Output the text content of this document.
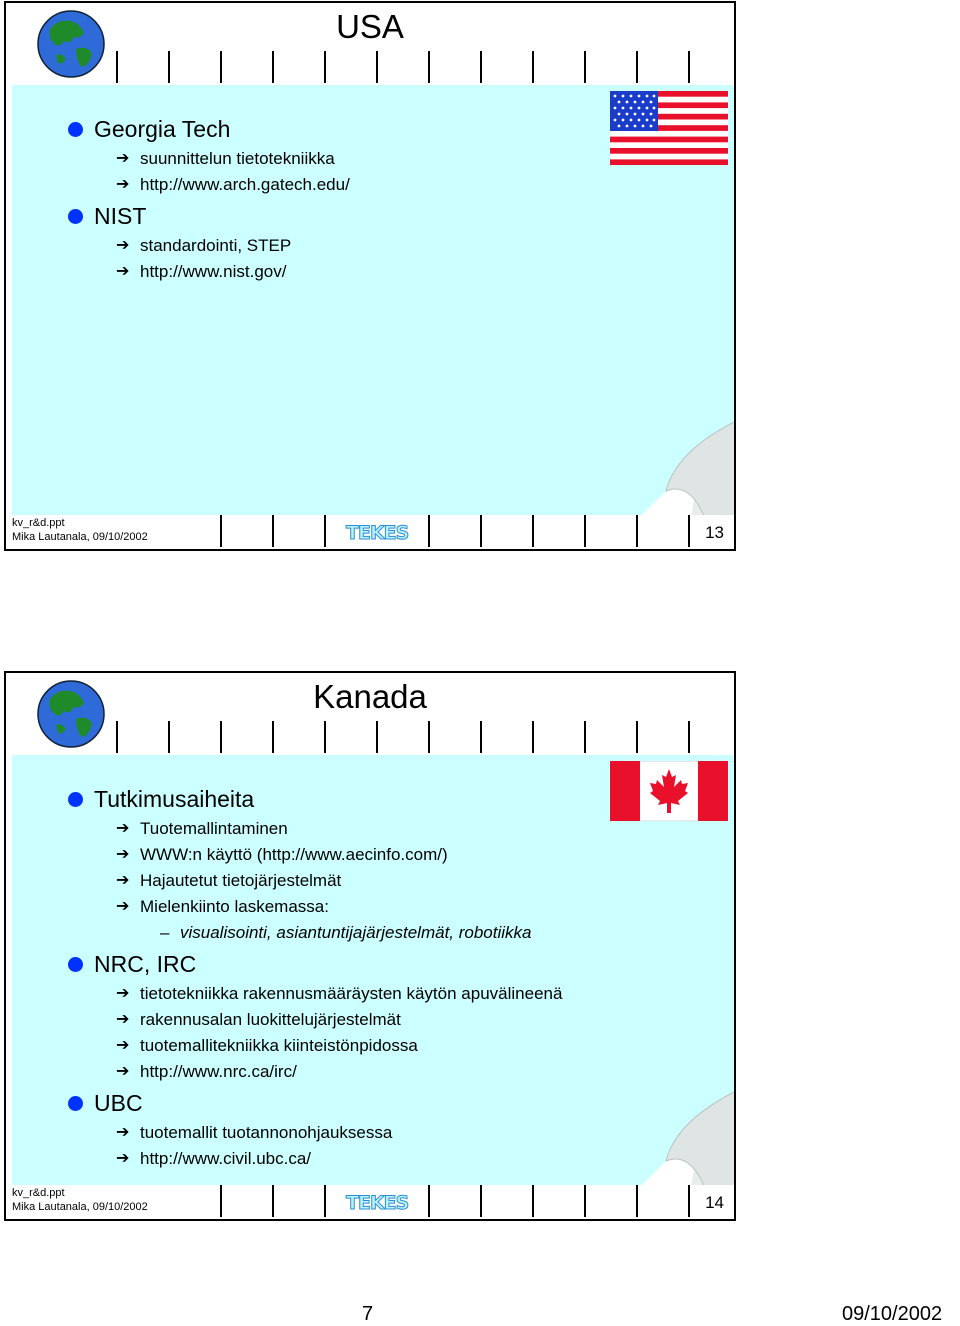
USA
Georgia Tech
➔ suunnittelun tietotekniikka
➔ http://www.arch.gatech.edu/
NIST
➔ standardointi, STEP
➔ http://www.nist.gov/
kv_r&d.ppt
Mika Lautanala, 09/10/2002	TEKES	13
Kanada
Tutkimusaiheita
➔ Tuotemallintaminen
➔ WWW:n käyttö (http://www.aecinfo.com/)
➔ Hajautetut tietojärjestelmät
➔ Mielenkiinto laskemassa:
– visualisointi, asiantuntijajärjestelmät, robotiikka
NRC, IRC
➔ tietotekniikka rakennusmääräysten käytön apuvälineenä
➔ rakennusalan luokittelujärjestelmät
➔ tuotemallitekniikka kiinteistönpidossa
➔ http://www.nrc.ca/irc/
UBC
➔ tuotemallit tuotannonohjauksessa
➔ http://www.civil.ubc.ca/
kv_r&d.ppt
Mika Lautanala, 09/10/2002	TEKES	14
7	09/10/2002
